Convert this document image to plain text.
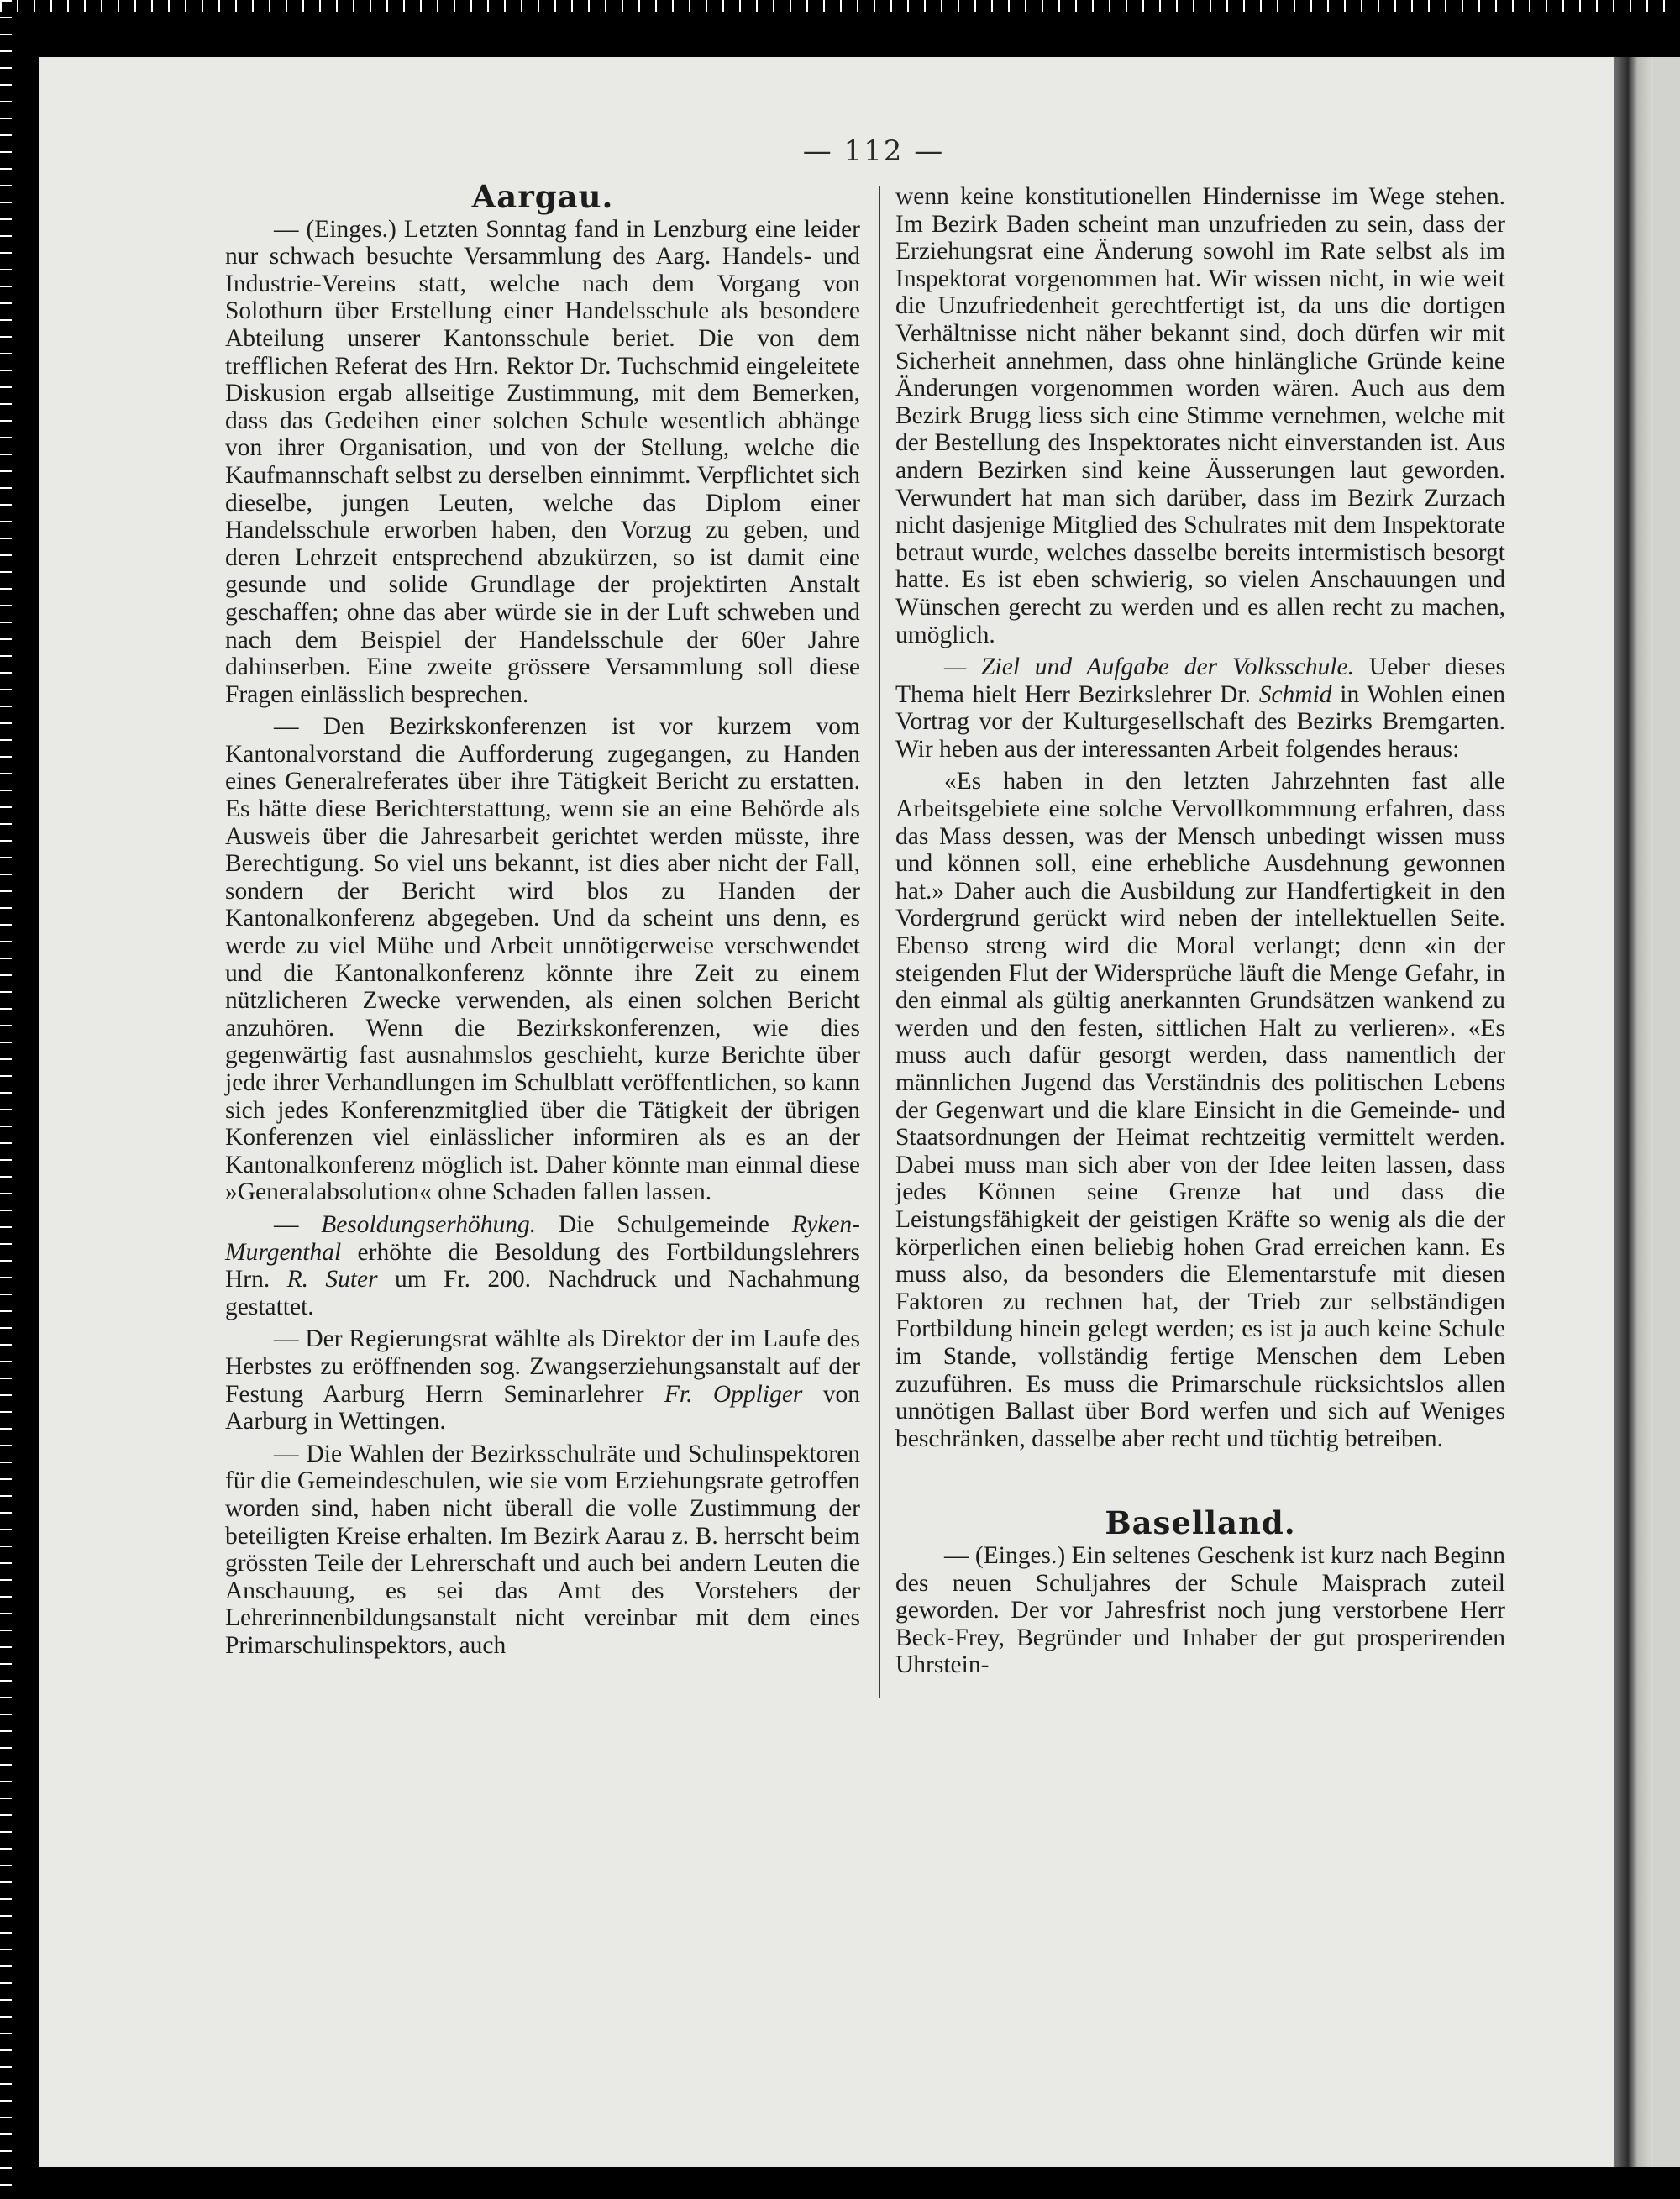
— 112 —
Aargau.

— (Einges.) Letzten Sonntag fand in Lenzburg eine leider nur schwach besuchte Versammlung des Aarg. Handels- und Industrie-Vereins statt, welche nach dem Vorgang von Solothurn über Erstellung einer Handelsschule als besondere Abteilung unserer Kantonsschule beriet. Die von dem trefflichen Referat des Hrn. Rektor Dr. Tuchschmid eingeleitete Diskusion ergab allseitige Zustimmung, mit dem Bemerken, dass das Gedeihen einer solchen Schule wesentlich abhänge von ihrer Organisation, und von der Stellung, welche die Kaufmannschaft selbst zu derselben einnimmt. Verpflichtet sich dieselbe, jungen Leuten, welche das Diplom einer Handelsschule erworben haben, den Vorzug zu geben, und deren Lehrzeit entsprechend abzukürzen, so ist damit eine gesunde und solide Grundlage der projektirten Anstalt geschaffen; ohne das aber würde sie in der Luft schweben und nach dem Beispiel der Handelsschule der 60er Jahre dahinserben. Eine zweite grössere Versammlung soll diese Fragen einlässlich besprechen.

— Den Bezirkskonferenzen ist vor kurzem vom Kantonalvorstand die Aufforderung zugegangen, zu Handen eines Generalreferates über ihre Tätigkeit Bericht zu erstatten. Es hätte diese Berichterstattung, wenn sie an eine Behörde als Ausweis über die Jahresarbeit gerichtet werden müsste, ihre Berechtigung. So viel uns bekannt, ist dies aber nicht der Fall, sondern der Bericht wird blos zu Handen der Kantonalkonferenz abgegeben. Und da scheint uns denn, es werde zu viel Mühe und Arbeit unnötigerweise verschwendet und die Kantonalkonferenz könnte ihre Zeit zu einem nützlicheren Zwecke verwenden, als einen solchen Bericht anzuhören. Wenn die Bezirkskonferenzen, wie dies gegenwärtig fast ausnahmslos geschieht, kurze Berichte über jede ihrer Verhandlungen im Schulblatt veröffentlichen, so kann sich jedes Konferenzmitglied über die Tätigkeit der übrigen Konferenzen viel einlässlicher informiren als es an der Kantonalkonferenz möglich ist. Daher könnte man einmal diese »Generalabsolution« ohne Schaden fallen lassen.

— Besoldungserhöhung. Die Schulgemeinde Ryken-Murgenthal erhöhte die Besoldung des Fortbildungslehrers Hrn. R. Suter um Fr. 200. Nachdruck und Nachahmung gestattet.

— Der Regierungsrat wählte als Direktor der im Laufe des Herbstes zu eröffnenden sog. Zwangserziehungsanstalt auf der Festung Aarburg Herrn Seminarlehrer Fr. Oppliger von Aarburg in Wettingen.

— Die Wahlen der Bezirksschulräte und Schulinspektoren für die Gemeindeschulen, wie sie vom Erziehungsrate getroffen worden sind, haben nicht überall die volle Zustimmung der beteiligten Kreise erhalten. Im Bezirk Aarau z. B. herrscht beim grössten Teile der Lehrerschaft und auch bei andern Leuten die Anschauung, es sei das Amt des Vorstehers der Lehrerinnenbildungsanstalt nicht vereinbar mit dem eines Primarschulinspektors, auch

wenn keine konstitutionellen Hindernisse im Wege stehen. Im Bezirk Baden scheint man unzufrieden zu sein, dass der Erziehungsrat eine Änderung sowohl im Rate selbst als im Inspektorat vorgenommen hat. Wir wissen nicht, in wie weit die Unzufriedenheit gerechtfertigt ist, da uns die dortigen Verhältnisse nicht näher bekannt sind, doch dürfen wir mit Sicherheit annehmen, dass ohne hinlängliche Gründe keine Änderungen vorgenommen worden wären. Auch aus dem Bezirk Brugg liess sich eine Stimme vernehmen, welche mit der Bestellung des Inspektorates nicht einverstanden ist. Aus andern Bezirken sind keine Äusserungen laut geworden. Verwundert hat man sich darüber, dass im Bezirk Zurzach nicht dasjenige Mitglied des Schulrates mit dem Inspektorate betraut wurde, welches dasselbe bereits intermistisch besorgt hatte. Es ist eben schwierig, so vielen Anschauungen und Wünschen gerecht zu werden und es allen recht zu machen, umöglich.

— Ziel und Aufgabe der Volksschule. Ueber dieses Thema hielt Herr Bezirkslehrer Dr. Schmid in Wohlen einen Vortrag vor der Kulturgesellschaft des Bezirks Bremgarten. Wir heben aus der interessanten Arbeit folgendes heraus:

«Es haben in den letzten Jahrzehnten fast alle Arbeitsgebiete eine solche Vervollkommnung erfahren, dass das Mass dessen, was der Mensch unbedingt wissen muss und können soll, eine erhebliche Ausdehnung gewonnen hat.» Daher auch die Ausbildung zur Handfertigkeit in den Vordergrund gerückt wird neben der intellektuellen Seite. Ebenso streng wird die Moral verlangt; denn «in der steigenden Flut der Widersprüche läuft die Menge Gefahr, in den einmal als gültig anerkannten Grundsätzen wankend zu werden und den festen, sittlichen Halt zu verlieren». «Es muss auch dafür gesorgt werden, dass namentlich der männlichen Jugend das Verständnis des politischen Lebens der Gegenwart und die klare Einsicht in die Gemeinde- und Staatsordnungen der Heimat rechtzeitig vermittelt werden. Dabei muss man sich aber von der Idee leiten lassen, dass jedes Können seine Grenze hat und dass die Leistungsfähigkeit der geistigen Kräfte so wenig als die der körperlichen einen beliebig hohen Grad erreichen kann. Es muss also, da besonders die Elementarstufe mit diesen Faktoren zu rechnen hat, der Trieb zur selbständigen Fortbildung hinein gelegt werden; es ist ja auch keine Schule im Stande, vollständig fertige Menschen dem Leben zuzuführen. Es muss die Primarschule rücksichtslos allen unnötigen Ballast über Bord werfen und sich auf Weniges beschränken, dasselbe aber recht und tüchtig betreiben.

Baselland.

— (Einges.) Ein seltenes Geschenk ist kurz nach Beginn des neuen Schuljahres der Schule Maisprach zuteil geworden. Der vor Jahresfrist noch jung verstorbene Herr Beck-Frey, Begründer und Inhaber der gut prosperirenden Uhrstein-
